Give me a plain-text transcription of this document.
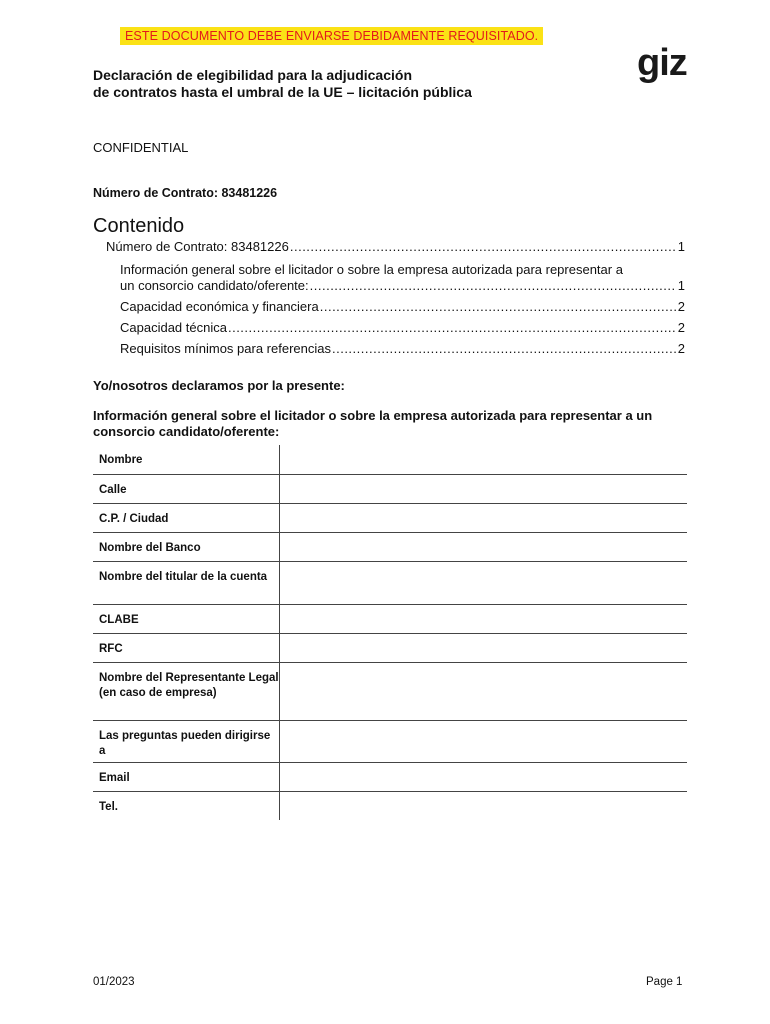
ESTE DOCUMENTO DEBE ENVIARSE DEBIDAMENTE REQUISITADO.
giz
Declaración de elegibilidad para la adjudicación
de contratos hasta el umbral de la UE – licitación pública
CONFIDENTIAL
Número de Contrato: 83481226
Contenido
Número de Contrato: 83481226 .....	1
Información general sobre el licitador o sobre la empresa autorizada para representar a
un consorcio candidato/oferente: .....	1
Capacidad económica y financiera .....	2
Capacidad técnica .....	2
Requisitos mínimos para referencias .....	2
Yo/nosotros declaramos por la presente:
Información general sobre el licitador o sobre la empresa autorizada para representar a un consorcio candidato/oferente:
Nombre	
Calle	
C.P. / Ciudad	
Nombre del Banco	
Nombre del titular de la cuenta	
CLABE	
RFC	
Nombre del Representante Legal (en caso de empresa)	
Las preguntas pueden dirigirse a	
Email	
Tel.	
01/2023	Page 1
